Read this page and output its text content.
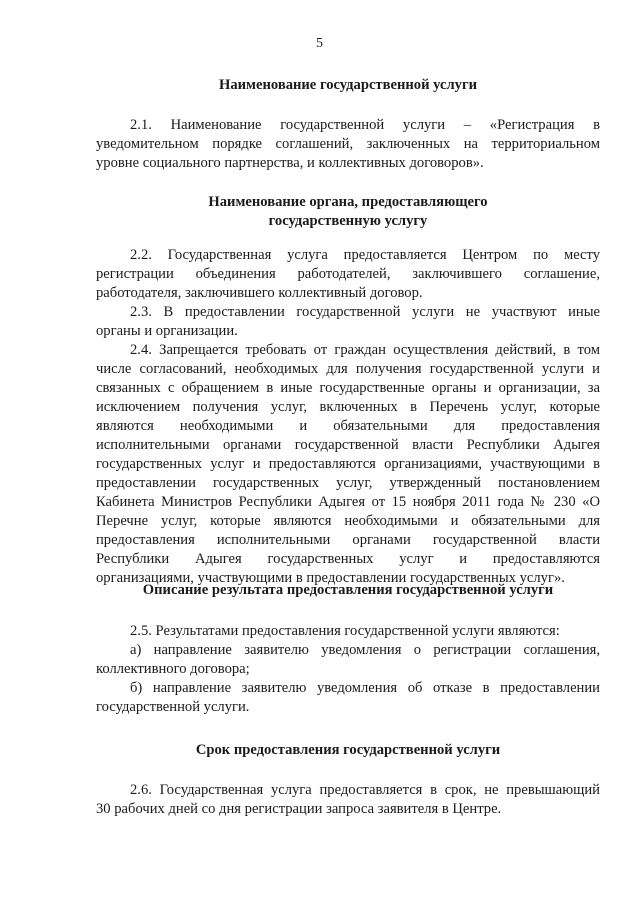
5
Наименование государственной услуги
2.1. Наименование государственной услуги – «Регистрация в
уведомительном порядке соглашений, заключенных на территориальном
уровне социального партнерства, и коллективных договоров».
Наименование органа, предоставляющего
государственную услугу
2.2. Государственная услуга предоставляется Центром по месту
регистрации объединения работодателей, заключившего соглашение,
работодателя, заключившего коллективный договор.
2.3. В предоставлении государственной услуги не участвуют иные
органы и организации.
2.4. Запрещается требовать от граждан осуществления действий, в том
числе согласований, необходимых для получения государственной услуги и
связанных с обращением в иные государственные органы и организации, за
исключением получения услуг, включенных в Перечень услуг, которые
являются необходимыми и обязательными для предоставления
исполнительными органами государственной власти Республики Адыгея
государственных услуг и предоставляются организациями, участвующими в
предоставлении государственных услуг, утвержденный постановлением
Кабинета Министров Республики Адыгея от 15 ноября 2011 года № 230 «О
Перечне услуг, которые являются необходимыми и обязательными для
предоставления исполнительными органами государственной власти
Республики Адыгея государственных услуг и предоставляются
организациями, участвующими в предоставлении государственных услуг».
Описание результата предоставления государственной услуги
2.5. Результатами предоставления государственной услуги являются:
а) направление заявителю уведомления о регистрации соглашения,
коллективного договора;
б) направление заявителю уведомления об отказе в предоставлении
государственной услуги.
Срок предоставления государственной услуги
2.6. Государственная услуга предоставляется в срок, не превышающий
30 рабочих дней со дня регистрации запроса заявителя в Центре.
